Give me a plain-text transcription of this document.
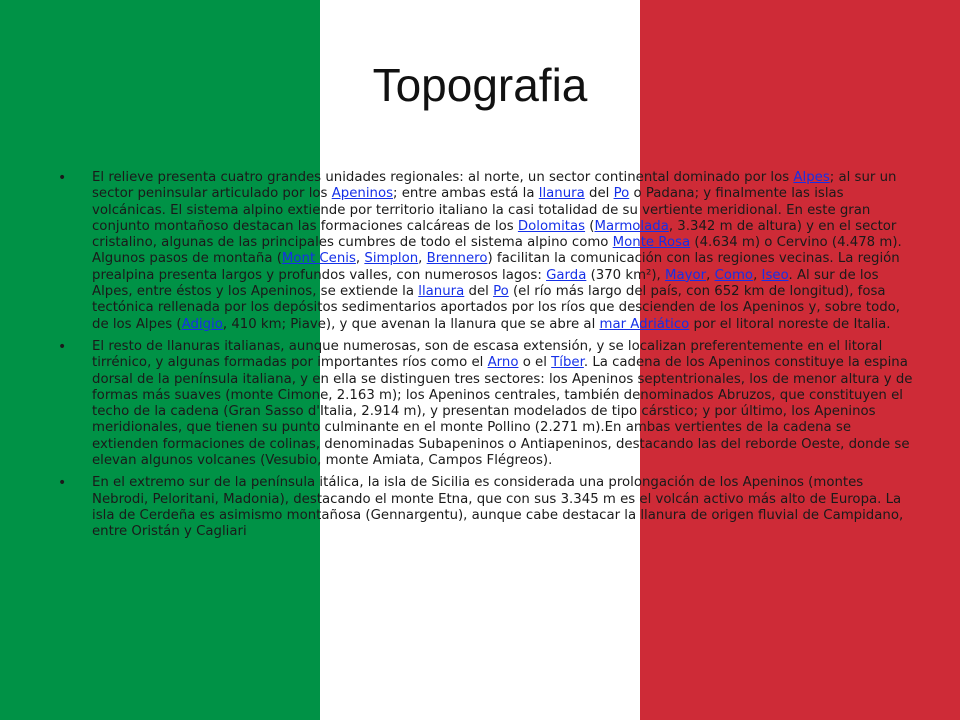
Topografia
• El relieve presenta cuatro grandes unidades regionales: al norte, un sector continental dominado por los Alpes; al sur un sector peninsular articulado por los Apeninos; entre ambas está la llanura del Po o Padana; y finalmente las islas volcánicas. El sistema alpino extiende por territorio italiano la casi totalidad de su vertiente meridional. En este gran conjunto montañoso destacan las formaciones calcáreas de los Dolomitas (Marmolada, 3.342 m de altura) y en el sector cristalino, algunas de las principales cumbres de todo el sistema alpino como Monte Rosa (4.634 m) o Cervino (4.478 m). Algunos pasos de montaña (Mont Cenis, Simplon, Brennero) facilitan la comunicación con las regiones vecinas. La región prealpina presenta largos y profundos valles, con numerosos lagos: Garda (370 km²), Mayor, Como, Iseo. Al sur de los Alpes, entre éstos y los Apeninos, se extiende la llanura del Po (el río más largo del país, con 652 km de longitud), fosa tectónica rellenada por los depósitos sedimentarios aportados por los ríos que descienden de los Apeninos y, sobre todo, de los Alpes (Adigio, 410 km; Piave), y que avenan la llanura que se abre al mar Adriático por el litoral noreste de Italia.
• El resto de llanuras italianas, aunque numerosas, son de escasa extensión, y se localizan preferentemente en el litoral tirrénico, y algunas formadas por importantes ríos como el Arno o el Tíber. La cadena de los Apeninos constituye la espina dorsal de la península italiana, y en ella se distinguen tres sectores: los Apeninos septentrionales, los de menor altura y de formas más suaves (monte Cimone, 2.163 m); los Apeninos centrales, también denominados Abruzos, que constituyen el techo de la cadena (Gran Sasso d'Italia, 2.914 m), y presentan modelados de tipo cárstico; y por último, los Apeninos meridionales, que tienen su punto culminante en el monte Pollino (2.271 m).En ambas vertientes de la cadena se extienden formaciones de colinas, denominadas Subapeninos o Antiapeninos, destacando las del reborde Oeste, donde se elevan algunos volcanes (Vesubio, monte Amiata, Campos Flégreos).
• En el extremo sur de la península itálica, la isla de Sicilia es considerada una prolongación de los Apeninos (montes Nebrodi, Peloritani, Madonia), destacando el monte Etna, que con sus 3.345 m es el volcán activo más alto de Europa. La isla de Cerdeña es asimismo montañosa (Gennargentu), aunque cabe destacar la llanura de origen fluvial de Campidano, entre Oristán y Cagliari
